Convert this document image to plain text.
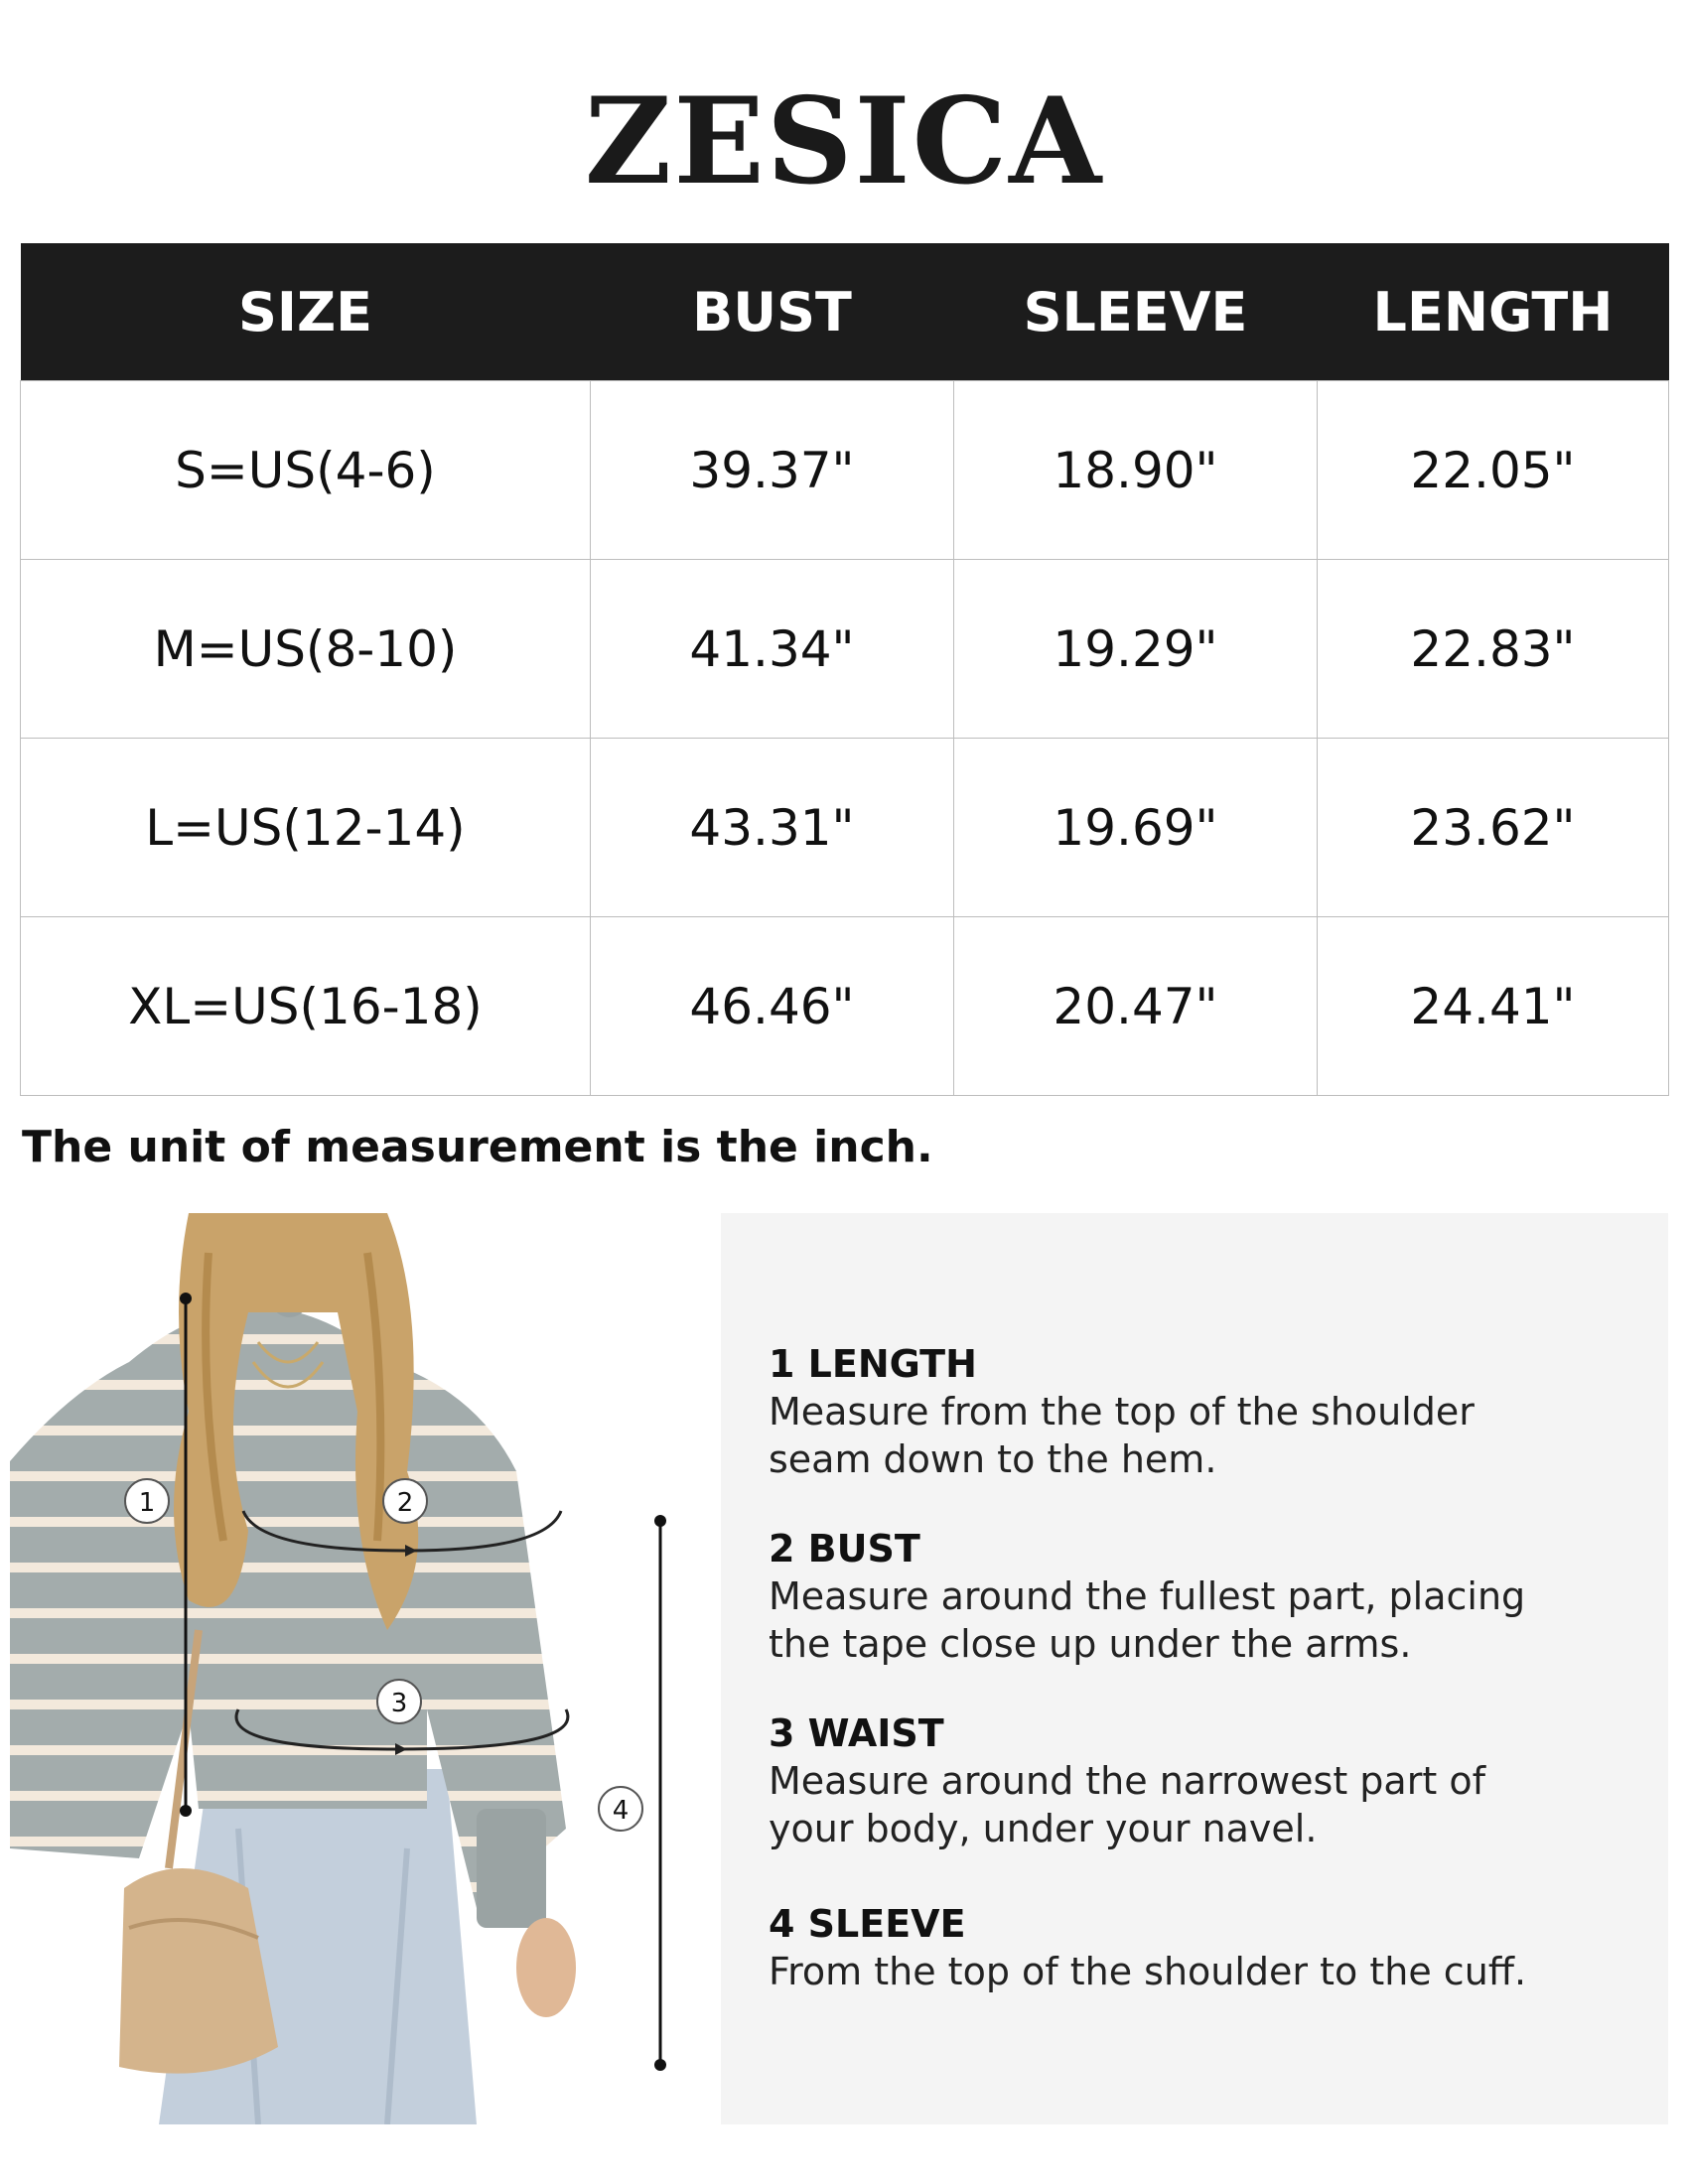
ZESICA
SIZE	BUST	SLEEVE	LENGTH
S=US(4-6)	39.37"	18.90"	22.05"
M=US(8-10)	41.34"	19.29"	22.83"
L=US(12-14)	43.31"	19.69"	23.62"
XL=US(16-18)	46.46"	20.47"	24.41"
The unit of measurement is the inch.
1	2
3
4
1 LENGTH
Measure from the top of the shoulder seam down to the hem.
2 BUST
Measure around the fullest part, placing the tape close up under the arms.
3 WAIST
Measure around the narrowest part of your body, under your navel.
4 SLEEVE
From the top of the shoulder to the cuff.
